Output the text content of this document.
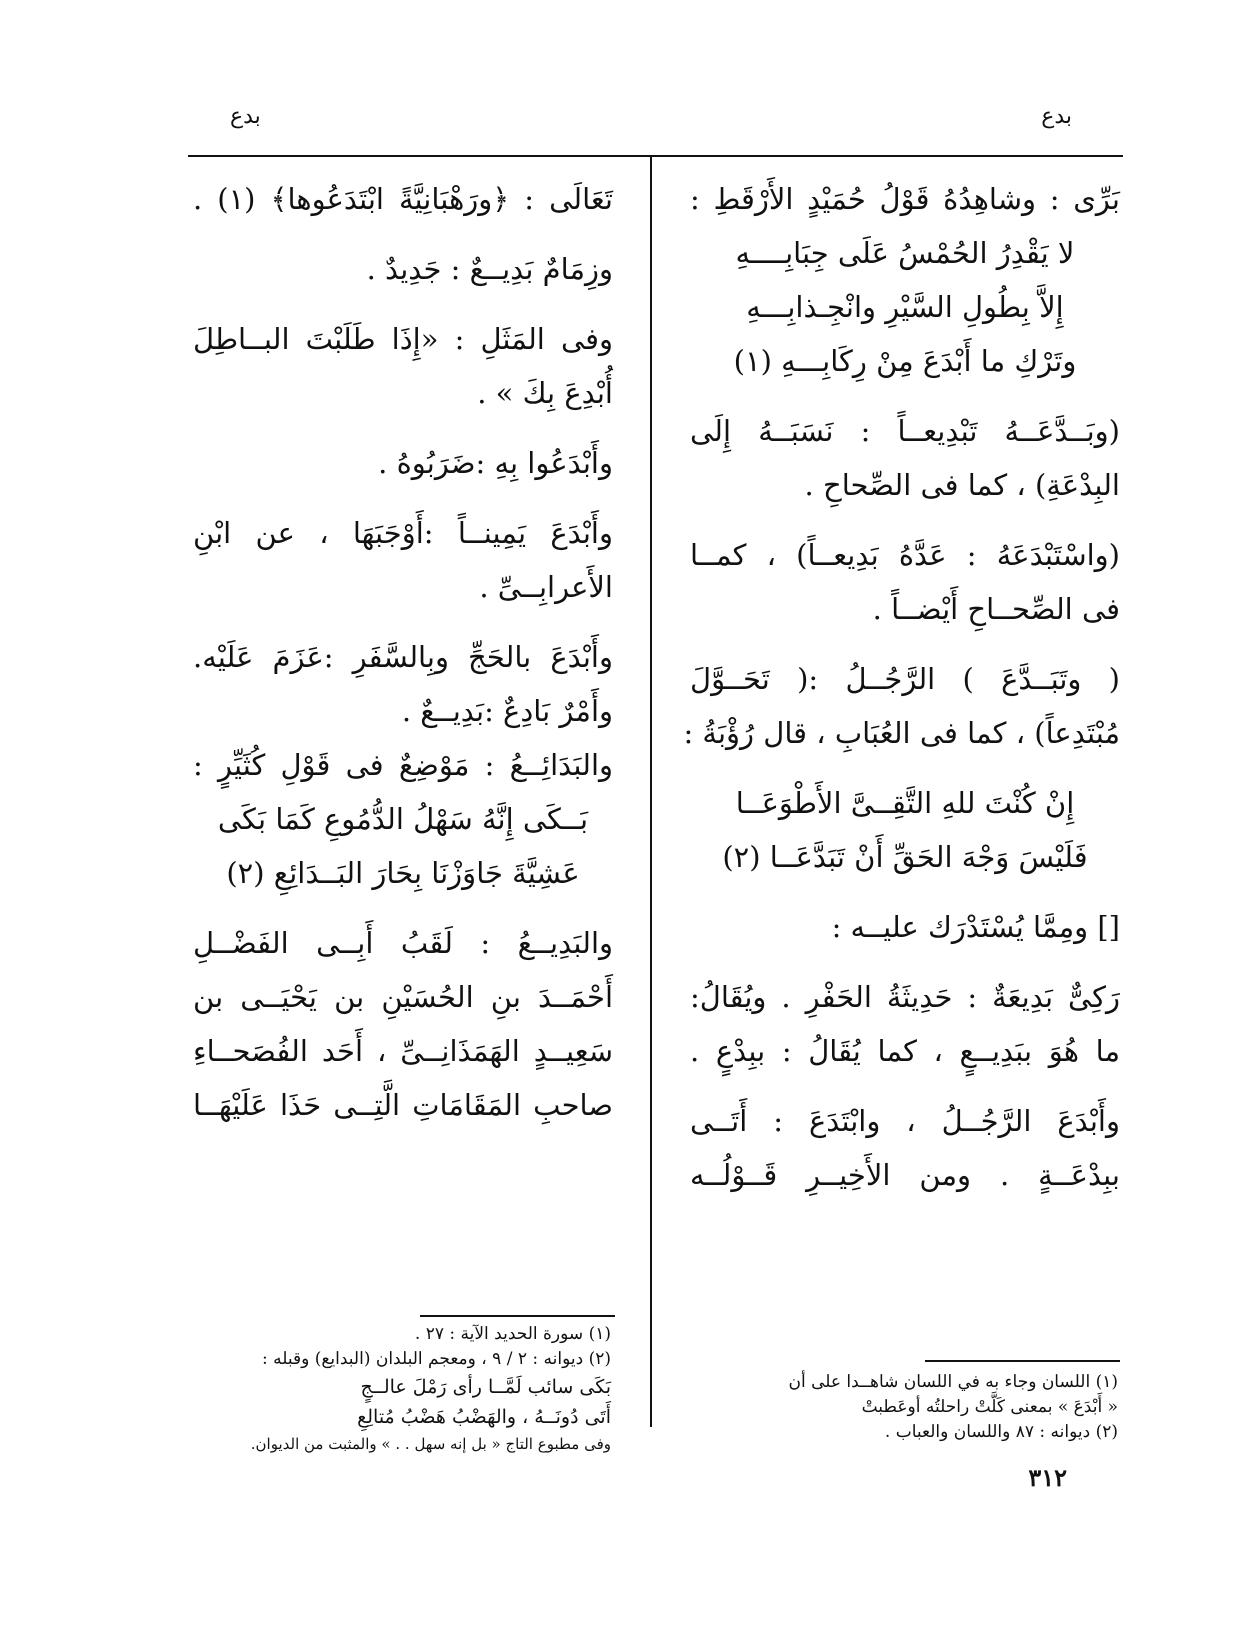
بدع
بدع
بَرِّى : وشاهِدُهُ قَوْلُ حُمَيْدٍ الأَرْقَطِ :
لا يَقْدِرُ الحُمْسُ عَلَى جِبَابِــــهِ
إِلاَّ بِطُولِ السَّيْرِ وانْجِـذابِـــهِ
وتَرْكِ ما أَبْدَعَ مِنْ رِكَابِـــهِ (١)
(وبَــدَّعَــهُ تَبْدِيعــاً : نَسَبَــهُ إِلَى
البِدْعَةِ) ، كما فى الصِّحاحِ .
(واسْتَبْدَعَهُ : عَدَّهُ بَدِيعــاً) ، كمــا
فى الصِّحــاحِ أَيْضــاً .
( وتَبَــدَّعَ ) الرَّجُــلُ :( تَحَــوَّلَ
مُبْتَدِعاً) ، كما فى العُبَابِ ، قال رُؤْبَةُ :
إِنْ كُنْتَ للهِ التَّقِــىَّ الأَطْوَعَــا
فَلَيْسَ وَجْهَ الحَقِّ أَنْ تَبَدَّعَــا (٢)
[] ومِمَّا يُسْتَدْرَك عليــه :
رَكِىٌّ بَدِيعَةٌ : حَدِيثَةُ الحَفْرِ . ويُقَالُ:
ما هُوَ ببَدِيــعٍ ، كما يُقَالُ : ببِدْعٍ .
وأَبْدَعَ الرَّجُــلُ ، وابْتَدَعَ : أَتَــى
ببِدْعَــةٍ . ومن الأَخِيــرِ قَــوْلُــه
تَعَالَى : ﴿ورَهْبَانِيَّةً ابْتَدَعُوها﴾ (١) .
وزِمَامٌ بَدِيــعٌ : جَدِيدٌ .
وفى المَثَلِ : «إِذَا طَلَبْتَ البــاطِلَ
أُبْدِعَ بِكَ » .
وأَبْدَعُوا بِهِ :ضَرَبُوهُ .
وأَبْدَعَ يَمِينــاً :أَوْجَبَهَا ، عن ابْنِ
الأَعرابِــىِّ .
وأَبْدَعَ بالحَجِّ وبِالسَّفَرِ :عَزَمَ عَلَيْه.
وأَمْرٌ بَادِعٌ :بَدِيــعٌ .
والبَدَائِــعُ : مَوْضِعٌ فى قَوْلِ كُثَيِّرٍ :
بَــكَى إِنَّهُ سَهْلُ الدُّمُوعِ كَمَا بَكَى
عَشِيَّةَ جَاوَزْنَا بِحَارَ البَــدَائِعِ (٢)
والبَدِيــعُ : لَقَبُ أَبِــى الفَضْــلِ
أَحْمَــدَ بنِ الحُسَيْنِ بن يَحْيَــى بن
سَعِيــدٍ الهَمَذَانِــىِّ ، أَحَد الفُصَحــاءِ
صاحبِ المَقَامَاتِ الَّتِــى حَذَا عَلَيْهَــا
(١) سورة الحديد الآية : ٢٧ .
(٢) ديوانه : ٢ / ٩ ، ومعجم البلدان (البدايع) وقبله :
بَكَى سائب لَمَّــا رأى رَمْلَ عالــجٍ
أَتَى دُونَــهُ ، والهَضْبُ هَضْبُ مُتالِعِ
وفى مطبوع التاج « بل إنه سهل . . » والمثبت من الديوان.
(١) اللسان وجاء به في اللسان شاهــدا على أن
« أَبْدَعَ » بمعنى كَلَّتْ راحلتُه أوعَطبتْ
(٢) ديوانه : ٨٧ واللسان والعباب .
٣١٢
